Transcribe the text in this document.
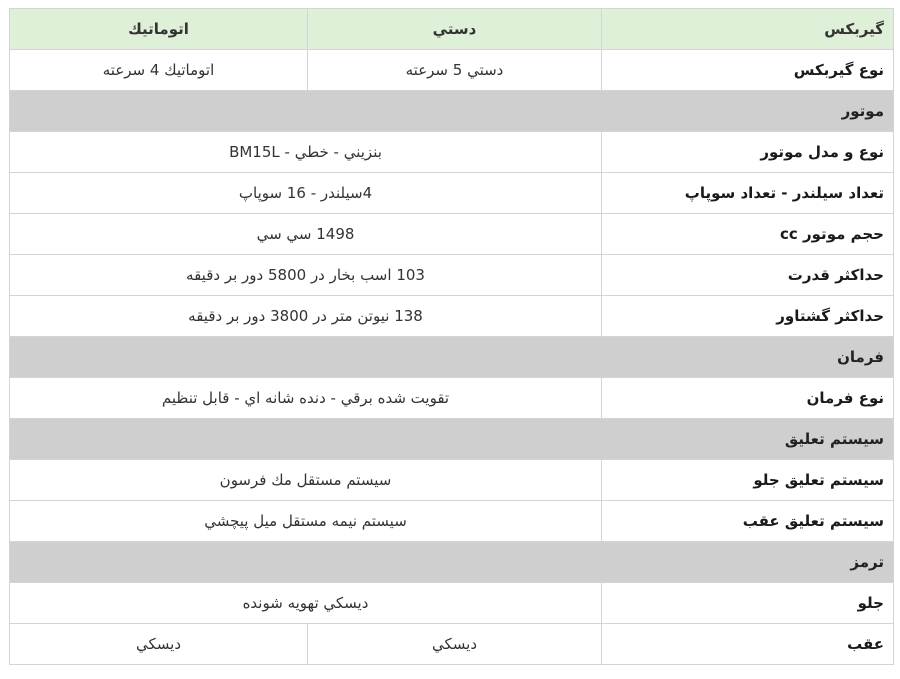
گيربكس	دستي	اتوماتيك
نوع گيربكس	دستي 5 سرعته	اتوماتيك 4 سرعته
موتور		
نوع و مدل موتور	بنزيني - خطي - BM15L	
تعداد سيلندر - تعداد سوپاپ	4سيلندر - 16 سوپاپ	
حجم موتور cc	1498 سي سي	
حداكثر قدرت	103 اسب بخار در 5800 دور بر دقيقه	
حداكثر گشتاور	138 نيوتن متر در 3800 دور بر دقيقه	
فرمان		
نوع فرمان	تقويت شده برقي - دنده شانه اي - قابل تنظيم	
سيستم تعليق		
سيستم تعليق جلو	سيستم مستقل مك فرسون	
سيستم تعليق عقب	سيستم نيمه مستقل ميل پيچشي	
ترمز		
جلو	ديسكي تهويه شونده	
عقب	ديسكي	ديسكي
